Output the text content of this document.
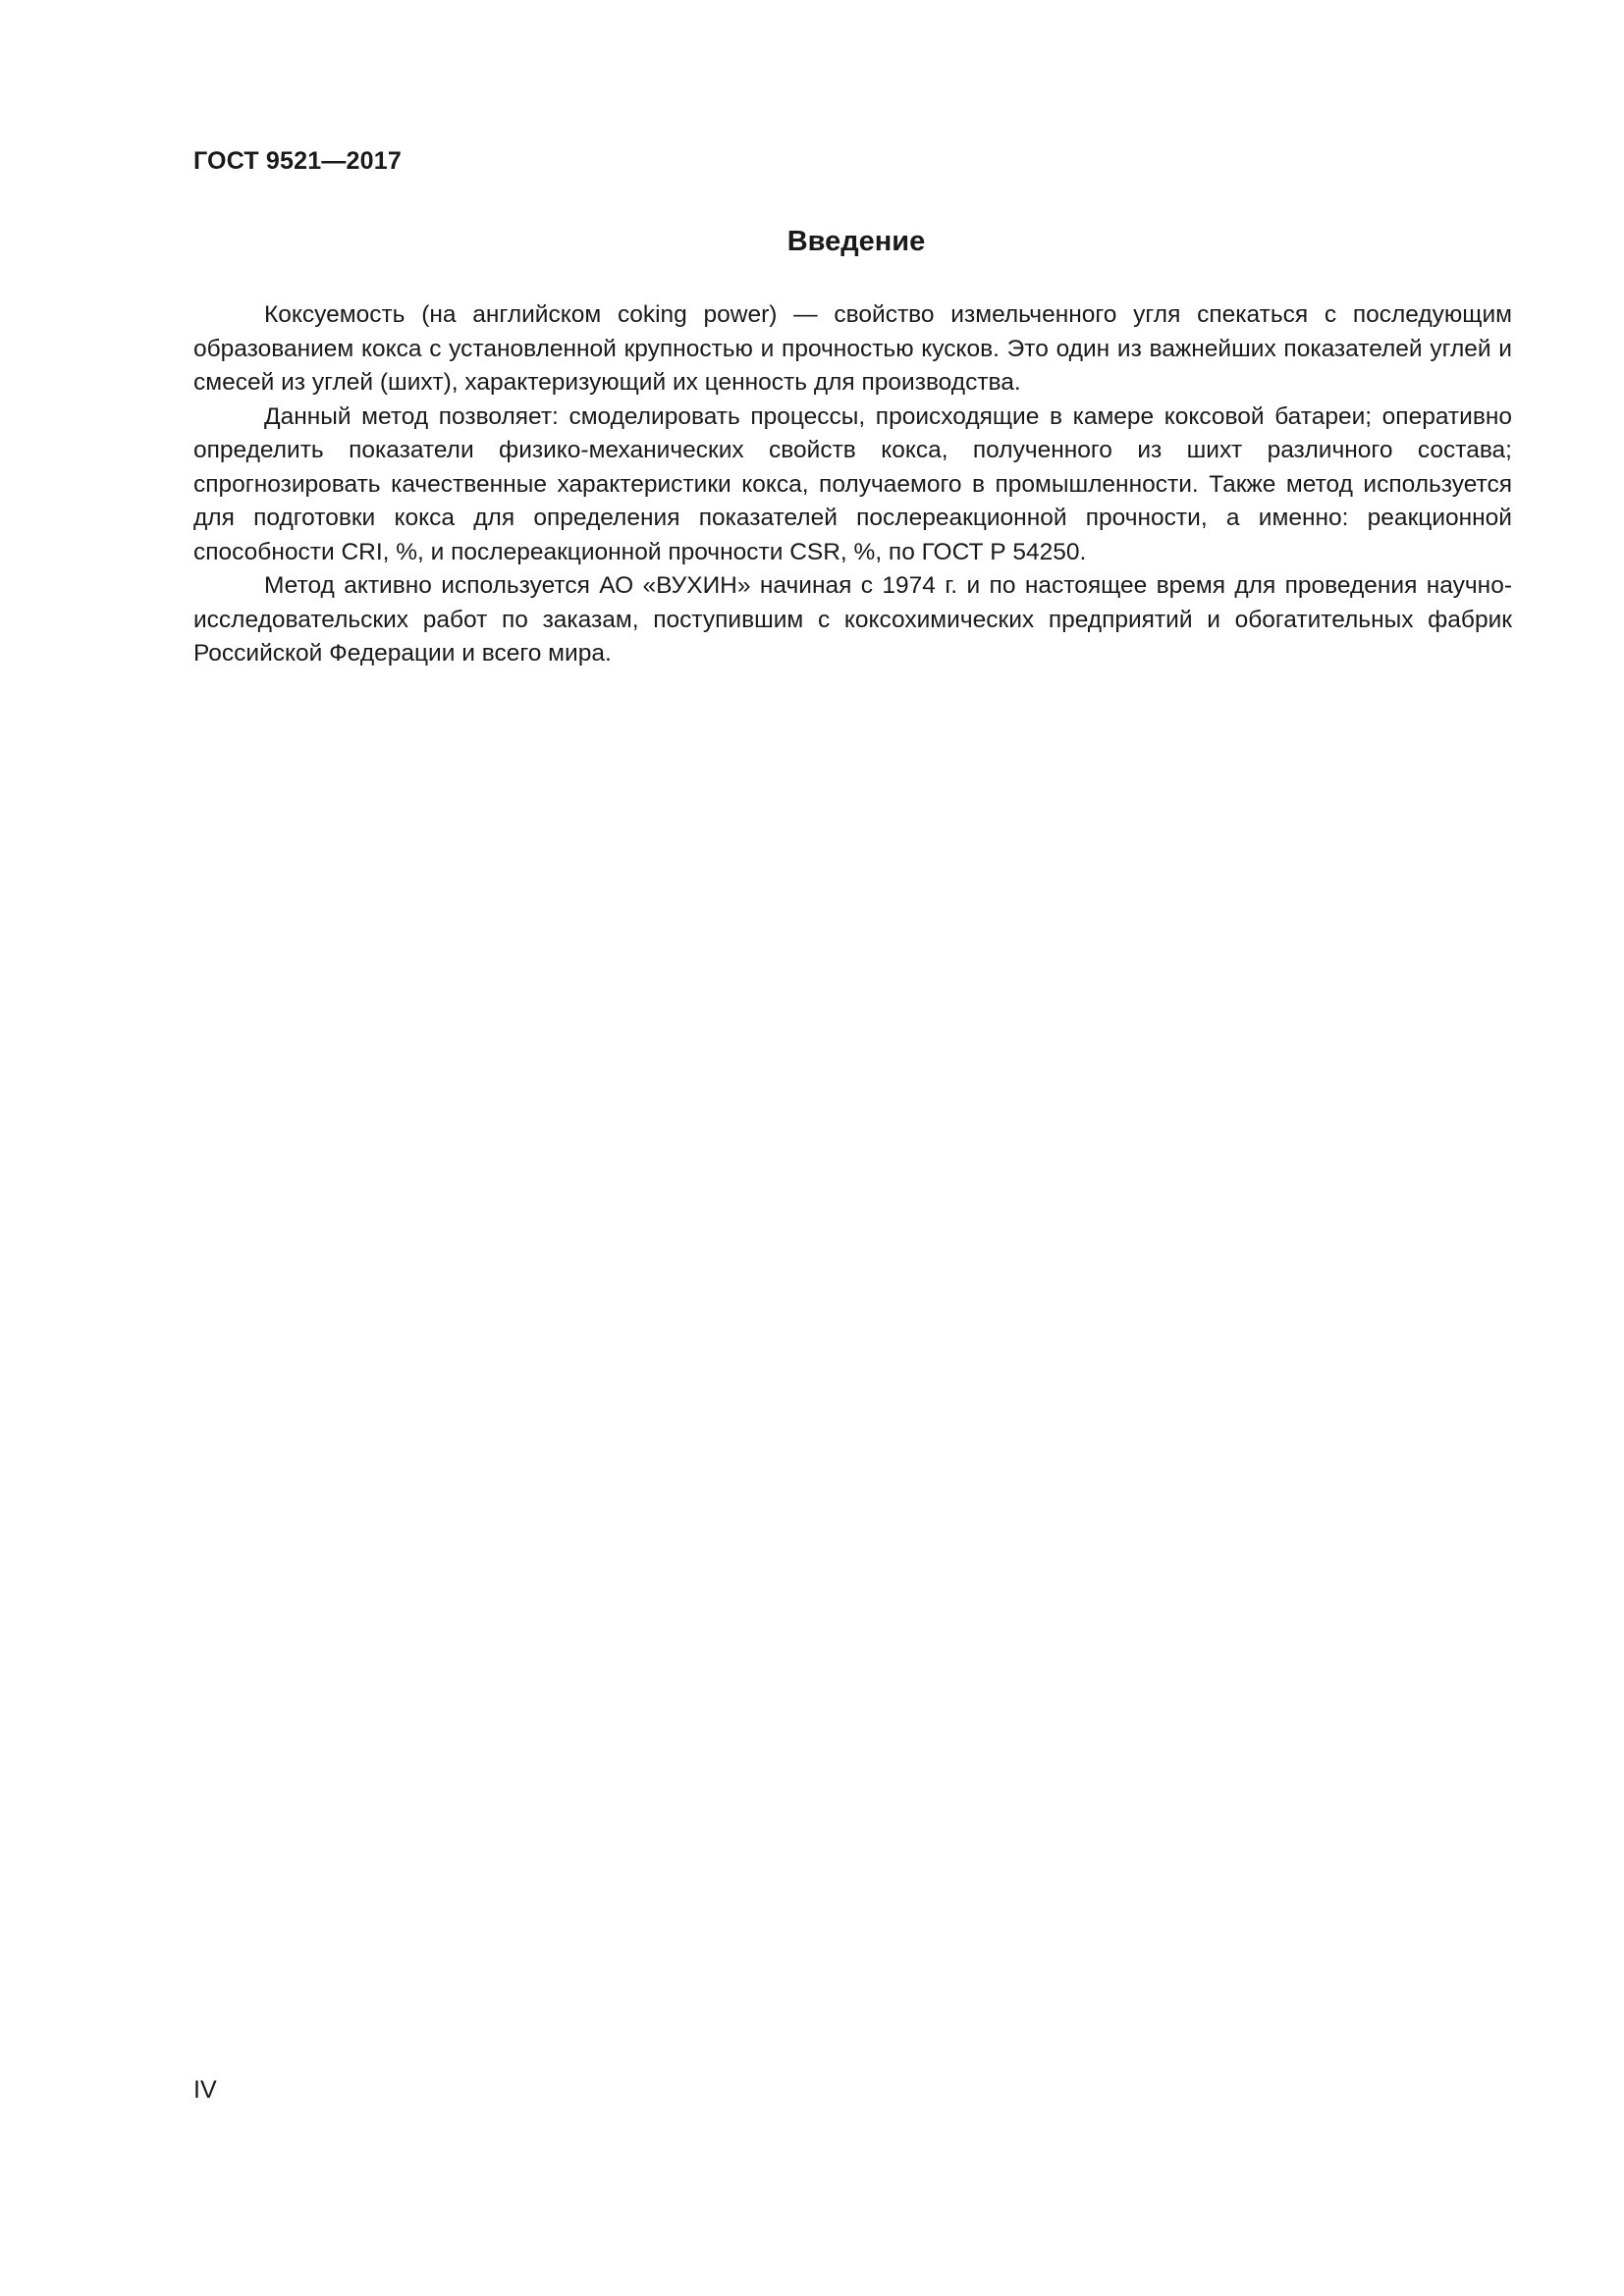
ГОСТ 9521—2017
Введение

Коксуемость (на английском coking power) — свойство измельченного угля спекаться с последующим образованием кокса с установленной крупностью и прочностью кусков. Это один из важнейших показателей углей и смесей из углей (шихт), характеризующий их ценность для производства.

Данный метод позволяет: смоделировать процессы, происходящие в камере коксовой батареи; оперативно определить показатели физико-механических свойств кокса, полученного из шихт различного состава; спрогнозировать качественные характеристики кокса, получаемого в промышленности. Также метод используется для подготовки кокса для определения показателей послереакционной прочности, а именно: реакционной способности CRI, %, и послереакционной прочности CSR, %, по ГОСТ Р 54250.

Метод активно используется АО «ВУХИН» начиная с 1974 г. и по настоящее время для проведения научно-исследовательских работ по заказам, поступившим с коксохимических предприятий и обогатительных фабрик Российской Федерации и всего мира.

IV
